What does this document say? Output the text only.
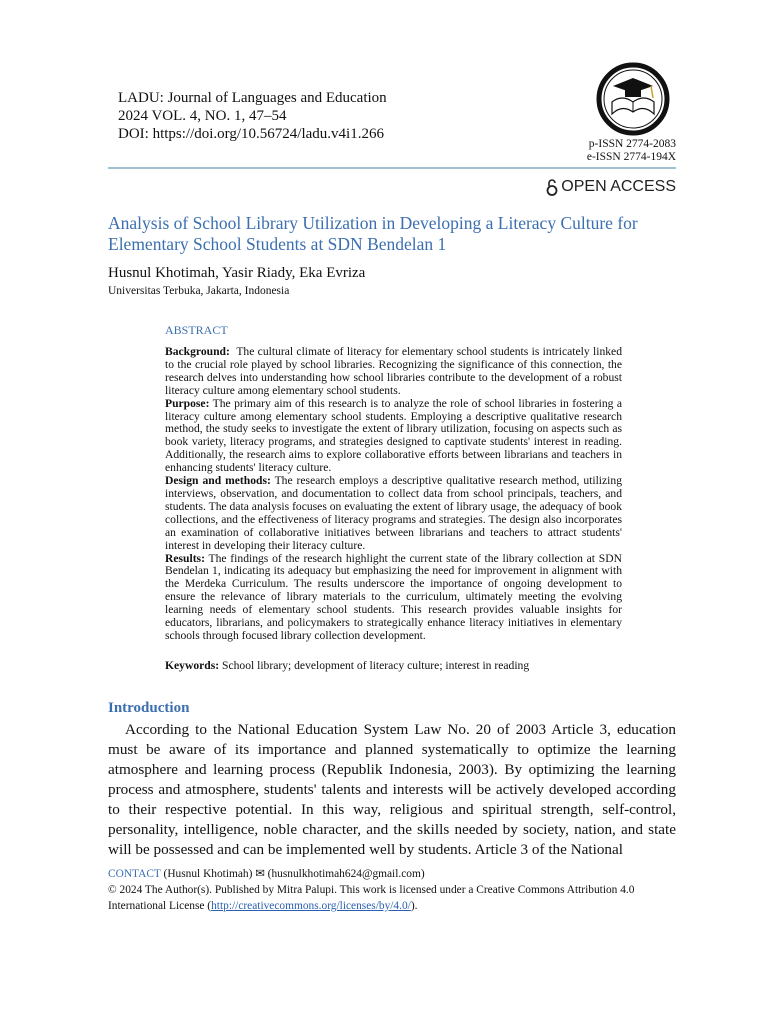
LADU: Journal of Languages and Education
2024 VOL. 4, NO. 1, 47–54
DOI: https://doi.org/10.56724/ladu.v4i1.266
p-ISSN 2774-2083
e-ISSN 2774-194X
OPEN ACCESS
Analysis of School Library Utilization in Developing a Literacy Culture for Elementary School Students at SDN Bendelan 1
Husnul Khotimah, Yasir Riady, Eka Evriza
Universitas Terbuka, Jakarta, Indonesia
ABSTRACT

Background:  The cultural climate of literacy for elementary school students is intricately linked to the crucial role played by school libraries. Recognizing the significance of this connection, the research delves into understanding how school libraries contribute to the development of a robust literacy culture among elementary school students.

Purpose: The primary aim of this research is to analyze the role of school libraries in fostering a literacy culture among elementary school students. Employing a descriptive qualitative research method, the study seeks to investigate the extent of library utilization, focusing on aspects such as book variety, literacy programs, and strategies designed to captivate students' interest in reading. Additionally, the research aims to explore collaborative efforts between librarians and teachers in enhancing students' literacy culture.

Design and methods: The research employs a descriptive qualitative research method, utilizing interviews, observation, and documentation to collect data from school principals, teachers, and students. The data analysis focuses on evaluating the extent of library usage, the adequacy of book collections, and the effectiveness of literacy programs and strategies. The design also incorporates an examination of collaborative initiatives between librarians and teachers to attract students' interest in developing their literacy culture.

Results: The findings of the research highlight the current state of the library collection at SDN Bendelan 1, indicating its adequacy but emphasizing the need for improvement in alignment with the Merdeka Curriculum. The results underscore the importance of ongoing development to ensure the relevance of library materials to the curriculum, ultimately meeting the evolving learning needs of elementary school students. This research provides valuable insights for educators, librarians, and policymakers to strategically enhance literacy initiatives in elementary schools through focused library collection development.

Keywords: School library; development of literacy culture; interest in reading
Introduction

According to the National Education System Law No. 20 of 2003 Article 3, education must be aware of its importance and planned systematically to optimize the learning atmosphere and learning process (Republik Indonesia, 2003). By optimizing the learning process and atmosphere, students' talents and interests will be actively developed according to their respective potential. In this way, religious and spiritual strength, self-control, personality, intelligence, noble character, and the skills needed by society, nation, and state will be possessed and can be implemented well by students. Article 3 of the National

CONTACT (Husnul Khotimah) ✉ (husnulkhotimah624@gmail.com)
© 2024 The Author(s). Published by Mitra Palupi. This work is licensed under a Creative Commons Attribution 4.0 International License (http://creativecommons.org/licenses/by/4.0/).
